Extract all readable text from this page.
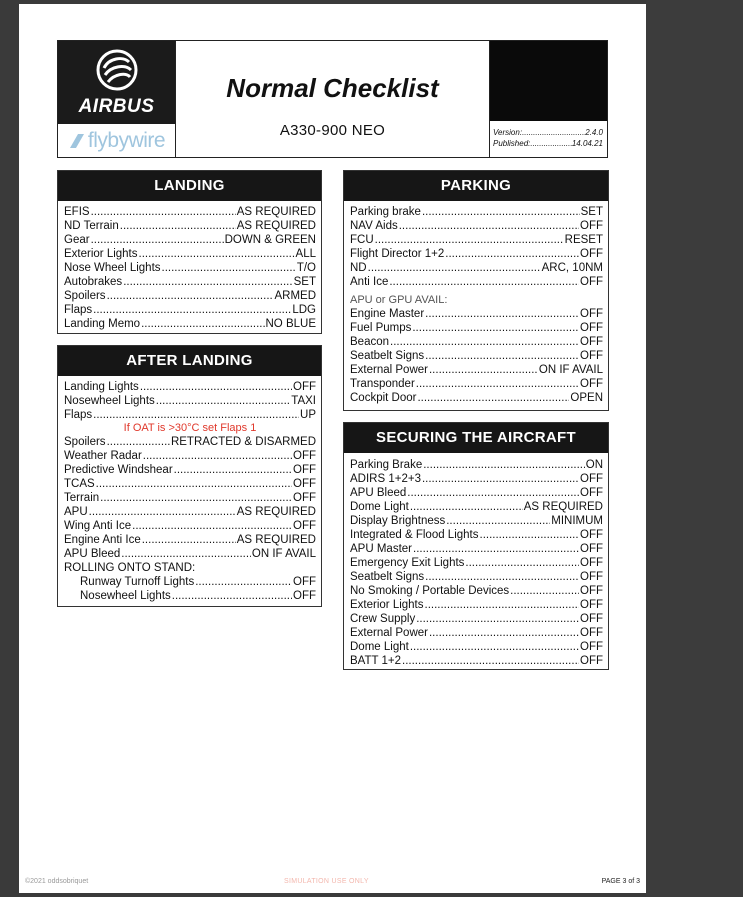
AIRBUS
flybywire
Normal Checklist
A330-900 NEO	Version: .....	2.4.0
Published: .....	14.04.21
LANDING
EFIS .....	AS REQUIRED
ND Terrain .....	AS REQUIRED
Gear .....	DOWN & GREEN
Exterior Lights .....	ALL
Nose Wheel Lights .....	T/O
Autobrakes .....	SET
Spoilers .....	ARMED
Flaps .....	LDG
Landing Memo .....	NO BLUE
AFTER LANDING
Landing Lights .....	OFF
Nosewheel Lights .....	TAXI
Flaps .....	UP
If OAT is >30°C set Flaps 1
Spoilers .....	RETRACTED & DISARMED
Weather Radar .....	OFF
Predictive Windshear .....	OFF
TCAS .....	OFF
Terrain .....	OFF
APU .....	AS REQUIRED
Wing Anti Ice .....	OFF
Engine Anti Ice .....	AS REQUIRED
APU Bleed .....	ON IF AVAIL
ROLLING ONTO STAND:
Runway Turnoff Lights .....	OFF
Nosewheel Lights .....	OFF
PARKING
Parking brake .....	SET
NAV Aids .....	OFF
FCU .....	RESET
Flight Director 1+2 .....	OFF
ND .....	ARC, 10NM
Anti Ice .....	OFF
APU or GPU AVAIL:
Engine Master .....	OFF
Fuel Pumps .....	OFF
Beacon .....	OFF
Seatbelt Signs .....	OFF
External Power .....	ON IF AVAIL
Transponder .....	OFF
Cockpit Door .....	OPEN
SECURING THE AIRCRAFT
Parking Brake .....	ON
ADIRS 1+2+3 .....	OFF
APU Bleed .....	OFF
Dome Light .....	AS REQUIRED
Display Brightness .....	MINIMUM
Integrated & Flood Lights .....	OFF
APU Master .....	OFF
Emergency Exit Lights .....	OFF
Seatbelt Signs .....	OFF
No Smoking / Portable Devices .....	OFF
Exterior Lights .....	OFF
Crew Supply .....	OFF
External Power .....	OFF
Dome Light .....	OFF
BATT 1+2 .....	OFF
©2021 oddsobriquet	SIMULATION USE ONLY	PAGE 3 of 3
